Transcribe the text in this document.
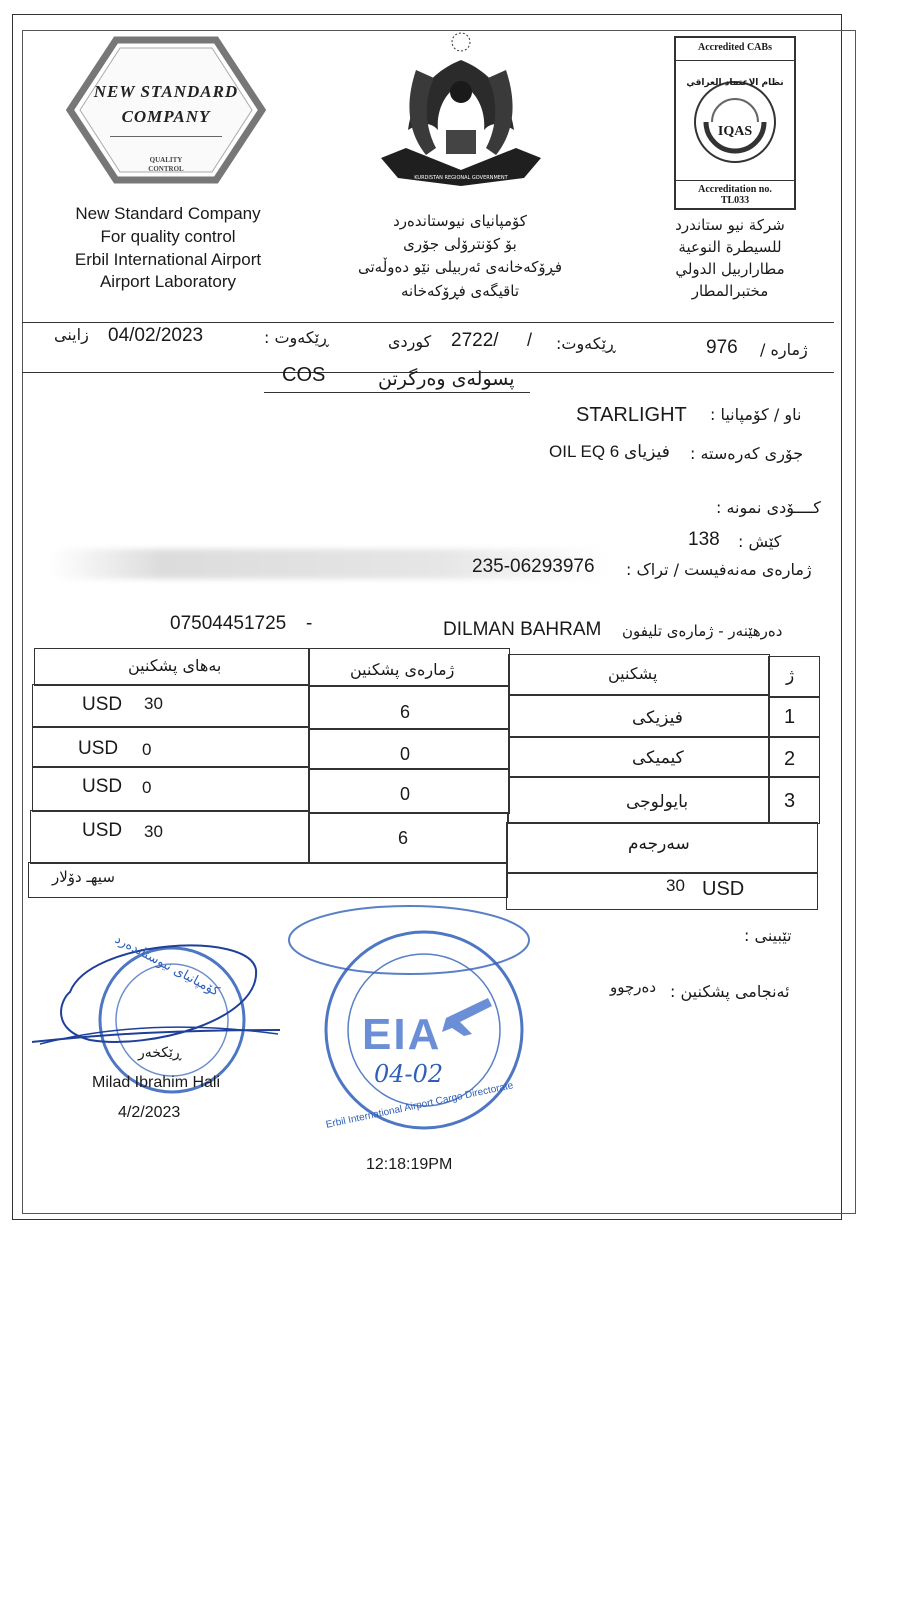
NEW STANDARD
COMPANY
QUALITY
CONTROL
New Standard Company
For quality control
Erbil International Airport
Airport Laboratory
KURDISTAN REGIONAL GOVERNMENT
کۆمپانیای نیوستاندەرد
بۆ کۆنترۆلی جۆری
فڕۆکەخانەی ئەربیلی نێو دەوڵەتی
تاقیگەی فڕۆکەخانە
Accredited CABs
نظام الاعتماد العراقي
IQAS
Accreditation no.
TL033
شركة نيو ستاندرد
للسيطرة النوعية
مطاراربيل الدولي
مختبرالمطار
ژمارە /
976
ڕێکەوت:
/
2722/
کوردی
ڕێکەوت :
04/02/2023
زاینی
پسولەی وەرگرتن
COS
ناو / کۆمپانیا :
STARLIGHT
جۆری کەرەستە :
OIL EQ 6 فیزیای
کــــۆدی نمونە :
کێش :
138
ژمارەی مەنەفیست / تراک :
235-06293976
دەرهێنەر - ژمارەی تلیفون
DILMAN BAHRAM
07504451725 -
بەهای پشکنین	ژمارەی پشکنین	پشکنین	ژ
USD 30	6	فیزیکی	1
USD 0	0	کیمیکی	2
USD 0	0	بایولوجی	3
USD 30	6	سەرجەم
سیهـ دۆلار	30 USD
تێبینی :
ئەنجامی پشکنین :
دەرچوو
کۆمپانیای نیوستاندەرد
ڕێکخەر
Milad Ibrahim Hali
4/2/2023
EIA
04-02
Erbil International Airport Cargo Directorate
12:18:19PM
